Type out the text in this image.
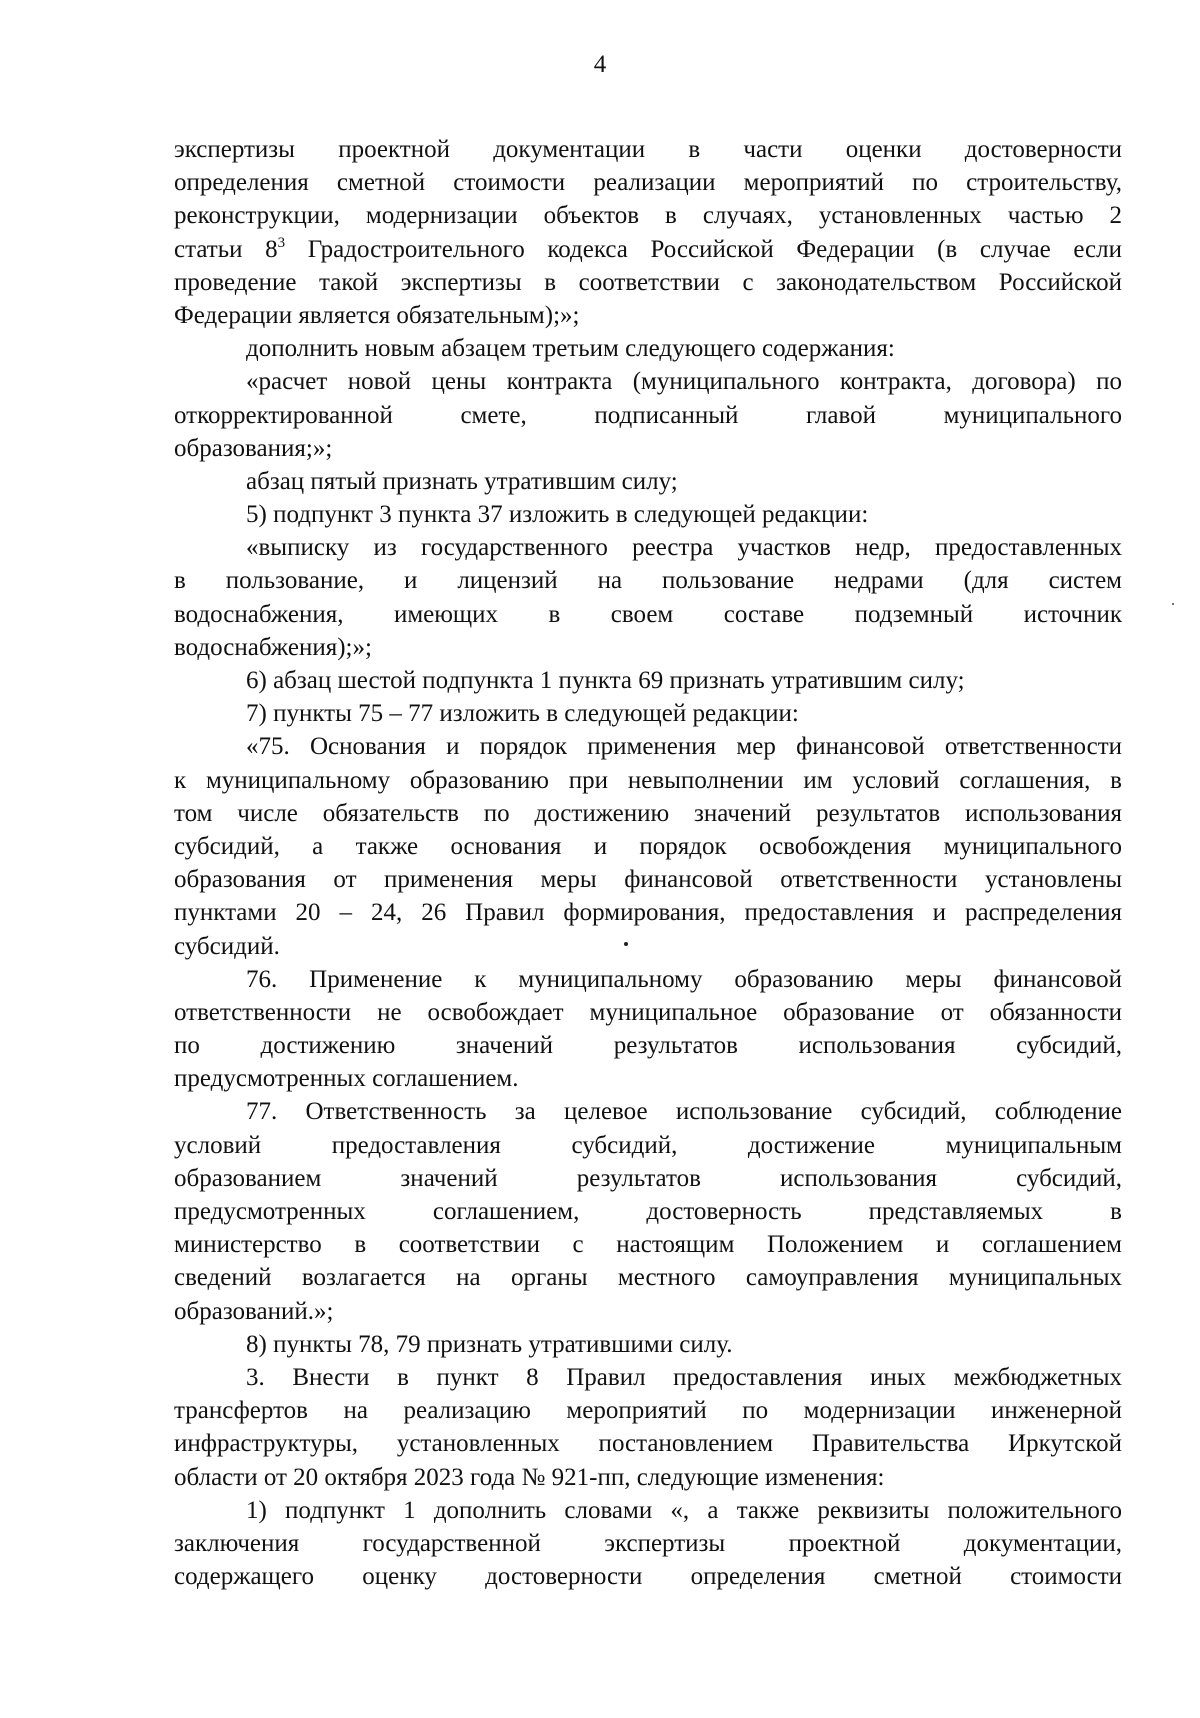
4
экспертизы проектной документации в части оценки достоверности
определения сметной стоимости реализации мероприятий по строительству,
реконструкции, модернизации объектов в случаях, установленных частью 2
статьи $8^3$ Градостроительного кодекса Российской Федерации (в случае если
проведение такой экспертизы в соответствии с законодательством Российской
Федерации является обязательным);»;
дополнить новым абзацем третьим следующего содержания:
«расчет новой цены контракта (муниципального контракта, договора) по
откорректированной смете, подписанный главой муниципального
образования;»;
абзац пятый признать утратившим силу;
5) подпункт 3 пункта 37 изложить в следующей редакции:
«выписку из государственного реестра участков недр, предоставленных
в пользование, и лицензий на пользование недрами (для систем
водоснабжения, имеющих в своем составе подземный источник
водоснабжения);»;
6) абзац шестой подпункта 1 пункта 69 признать утратившим силу;
7) пункты 75 – 77 изложить в следующей редакции:
«75. Основания и порядок применения мер финансовой ответственности
к муниципальному образованию при невыполнении им условий соглашения, в
том числе обязательств по достижению значений результатов использования
субсидий, а также основания и порядок освобождения муниципального
образования от применения меры финансовой ответственности установлены
пунктами 20 – 24, 26 Правил формирования, предоставления и распределения
субсидий.
76. Применение к муниципальному образованию меры финансовой
ответственности не освобождает муниципальное образование от обязанности
по достижению значений результатов использования субсидий,
предусмотренных соглашением.
77. Ответственность за целевое использование субсидий, соблюдение
условий предоставления субсидий, достижение муниципальным
образованием значений результатов использования субсидий,
предусмотренных соглашением, достоверность представляемых в
министерство в соответствии с настоящим Положением и соглашением
сведений возлагается на органы местного самоуправления муниципальных
образований.»;
8) пункты 78, 79 признать утратившими силу.
3. Внести в пункт 8 Правил предоставления иных межбюджетных
трансфертов на реализацию мероприятий по модернизации инженерной
инфраструктуры, установленных постановлением Правительства Иркутской
области от 20 октября 2023 года № 921-пп, следующие изменения:
1) подпункт 1 дополнить словами «, а также реквизиты положительного
заключения государственной экспертизы проектной документации,
содержащего оценку достоверности определения сметной стоимости
